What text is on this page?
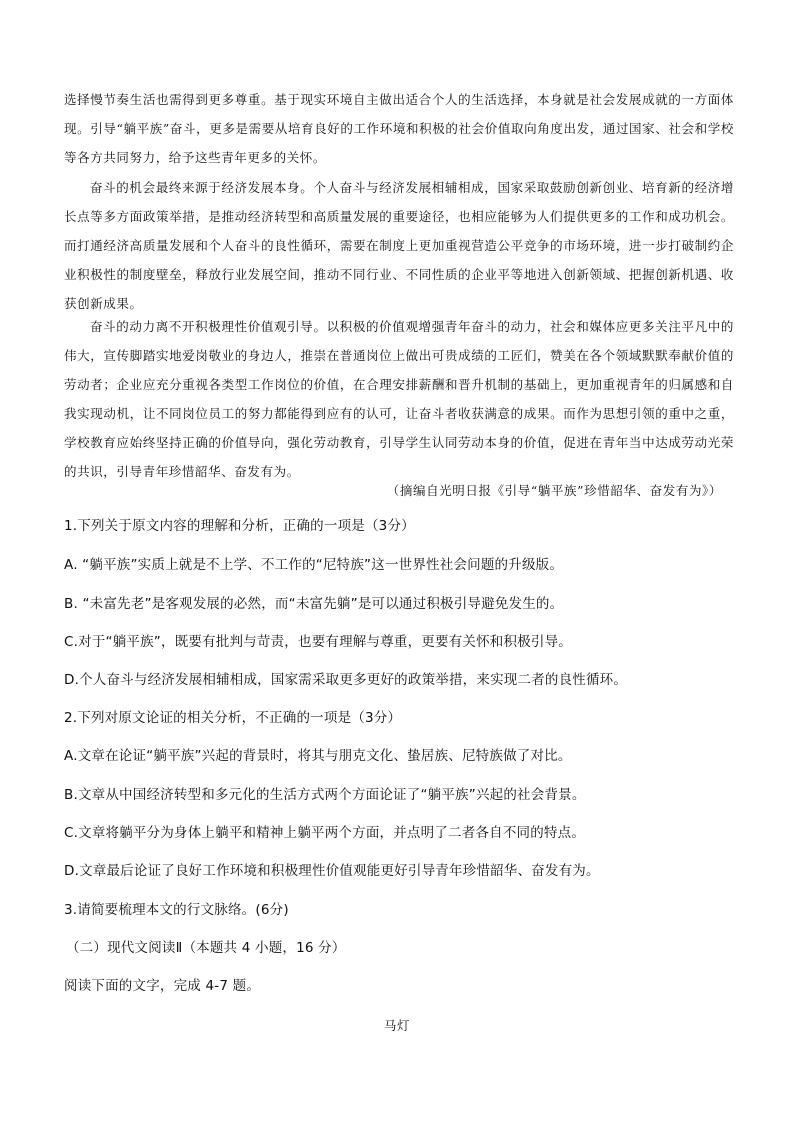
选择慢节奏生活也需得到更多尊重。基于现实环境自主做出适合个人的生活选择，本身就是社会发展成就的一方面体现。引导“躺平族”奋斗，更多是需要从培育良好的工作环境和积极的社会价值取向角度出发，通过国家、社会和学校等各方共同努力，给予这些青年更多的关怀。

奋斗的机会最终来源于经济发展本身。个人奋斗与经济发展相辅相成，国家采取鼓励创新创业、培育新的经济增长点等多方面政策举措，是推动经济转型和高质量发展的重要途径，也相应能够为人们提供更多的工作和成功机会。而打通经济高质量发展和个人奋斗的良性循环，需要在制度上更加重视营造公平竞争的市场环境，进一步打破制约企业积极性的制度壁垒，释放行业发展空间，推动不同行业、不同性质的企业平等地进入创新领域、把握创新机遇、收获创新成果。

奋斗的动力离不开积极理性价值观引导。以积极的价值观增强青年奋斗的动力，社会和媒体应更多关注平凡中的伟大，宣传脚踏实地爱岗敬业的身边人，推崇在普通岗位上做出可贵成绩的工匠们，赞美在各个领域默默奉献价值的劳动者；企业应充分重视各类型工作岗位的价值，在合理安排薪酬和晋升机制的基础上，更加重视青年的归属感和自我实现动机，让不同岗位员工的努力都能得到应有的认可，让奋斗者收获满意的成果。而作为思想引领的重中之重，学校教育应始终坚持正确的价值导向，强化劳动教育，引导学生认同劳动本身的价值，促进在青年当中达成劳动光荣的共识，引导青年珍惜韶华、奋发有为。

（摘编自光明日报《引导“躺平族”珍惜韶华、奋发有为》）

1.下列关于原文内容的理解和分析，正确的一项是（3分）

A. “躺平族”实质上就是不上学、不工作的“尼特族”这一世界性社会问题的升级版。

B. “未富先老”是客观发展的必然，而“未富先躺”是可以通过积极引导避免发生的。

C.对于“躺平族”，既要有批判与苛责，也要有理解与尊重，更要有关怀和积极引导。

D.个人奋斗与经济发展相辅相成，国家需采取更多更好的政策举措，来实现二者的良性循环。

2.下列对原文论证的相关分析，不正确的一项是（3分）

A.文章在论证“躺平族”兴起的背景时，将其与朋克文化、蛰居族、尼特族做了对比。

B.文章从中国经济转型和多元化的生活方式两个方面论证了“躺平族”兴起的社会背景。

C.文章将躺平分为身体上躺平和精神上躺平两个方面，并点明了二者各自不同的特点。

D.文章最后论证了良好工作环境和积极理性价值观能更好引导青年珍惜韶华、奋发有为。

3.请简要梳理本文的行文脉络。(6分)

（二）现代文阅读Ⅱ（本题共 4 小题，16 分）

阅读下面的文字，完成 4-7 题。

马灯
